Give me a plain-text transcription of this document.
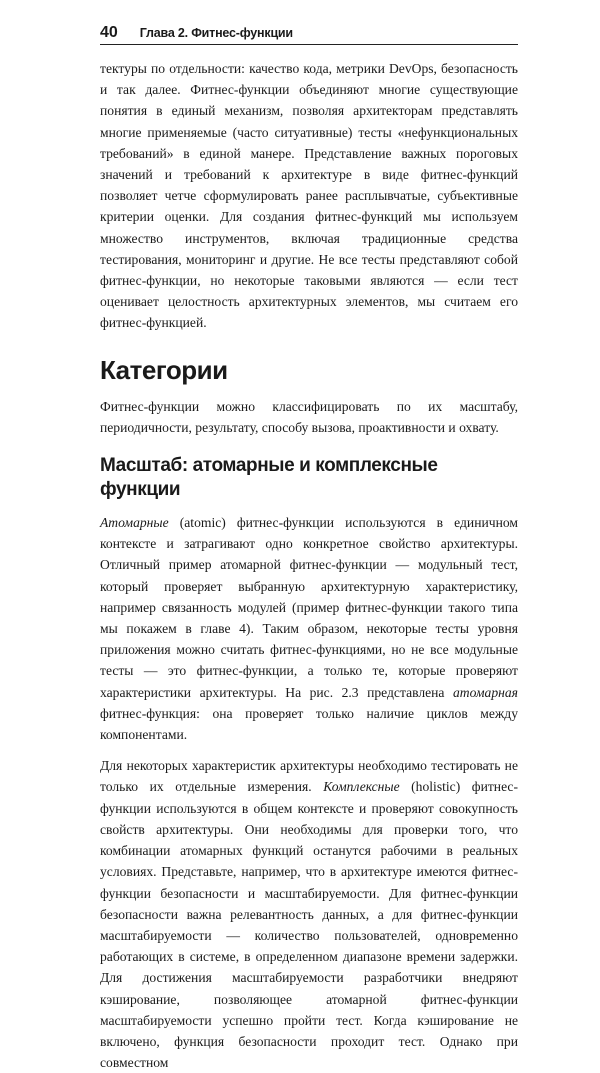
40 Глава 2. Фитнес-функции

тектуры по отдельности: качество кода, метрики DevOps, безопасность и так далее. Фитнес-функции объединяют многие существующие понятия в единый механизм, позволяя архитекторам представлять многие применяемые (часто ситуативные) тесты «нефункциональных требований» в единой манере. Представление важных пороговых значений и требований к архитектуре в виде фитнес-функций позволяет четче сформулировать ранее расплывчатые, субъективные критерии оценки. Для создания фитнес-функций мы используем множество инструментов, включая традиционные средства тестирования, мониторинг и другие. Не все тесты представляют собой фитнес-функции, но некоторые таковыми являются — если тест оценивает целостность архитектурных элементов, мы считаем его фитнес-функцией.

Категории

Фитнес-функции можно классифицировать по их масштабу, периодичности, результату, способу вызова, проактивности и охвату.

Масштаб: атомарные и комплексные функции

Атомарные (atomic) фитнес-функции используются в единичном контексте и затрагивают одно конкретное свойство архитектуры. Отличный пример атомарной фитнес-функции — модульный тест, который проверяет выбранную архитектурную характеристику, например связанность модулей (пример фитнес-функции такого типа мы покажем в главе 4). Таким образом, некоторые тесты уровня приложения можно считать фитнес-функциями, но не все модульные тесты — это фитнес-функции, а только те, которые проверяют характеристики архитектуры. На рис. 2.3 представлена атомарная фитнес-функция: она проверяет только наличие циклов между компонентами.

Для некоторых характеристик архитектуры необходимо тестировать не только их отдельные измерения. Комплексные (holistic) фитнес-функции используются в общем контексте и проверяют совокупность свойств архитектуры. Они необходимы для проверки того, что комбинации атомарных функций останутся рабочими в реальных условиях. Представьте, например, что в архитектуре имеются фитнес-функции безопасности и масштабируемости. Для фитнес-функции безопасности важна релевантность данных, а для фитнес-функции масштабируемости — количество пользователей, одновременно работающих в системе, в определенном диапазоне времени задержки. Для достижения масштабируемости разработчики внедряют кэширование, позволяющее атомарной фитнес-функции масштабируемости успешно пройти тест. Когда кэширование не включено, функция безопасности проходит тест. Однако при совместном
